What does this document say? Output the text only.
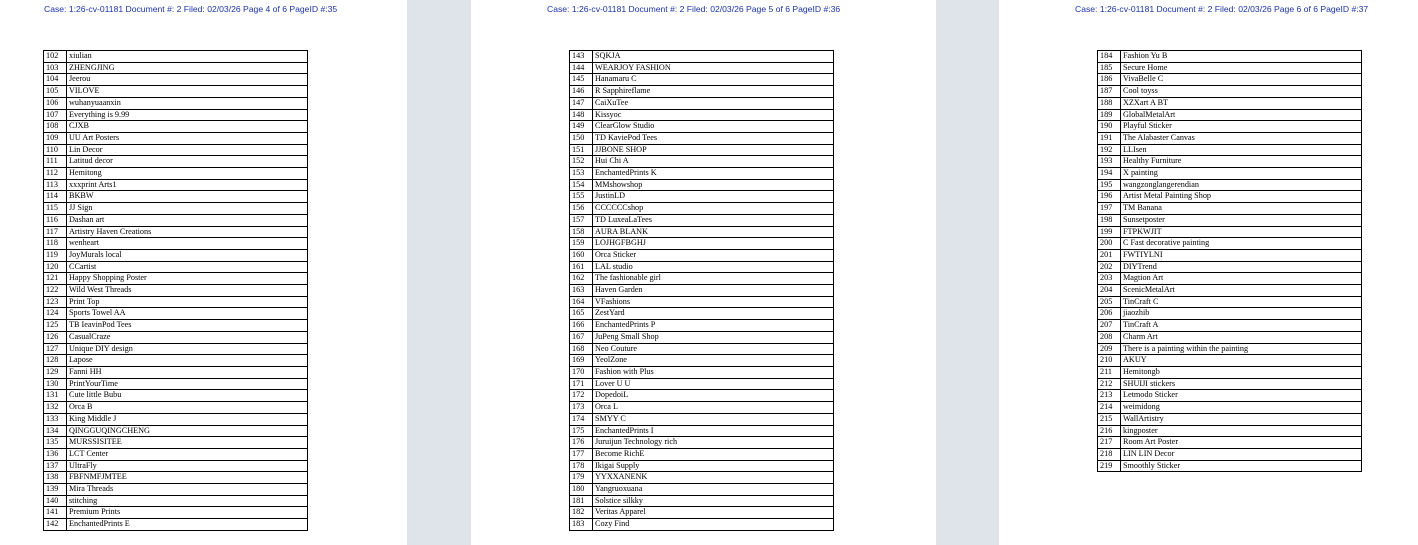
Case: 1:26-cv-01181 Document #: 2 Filed: 02/03/26 Page 4 of 6 PageID #:35
102	xiulian
103	ZHENGJING
104	Jeerou
105	VILOVE
106	wuhanyuaanxin
107	Everything is 9.99
108	CJXB
109	UU Art Posters
110	Lin Decor
111	Latitud decor
112	Hemitong
113	xxxprint Arts1
114	BKBW
115	JJ Sign
116	Dashan art
117	Artistry Haven Creations
118	wenheart
119	JoyMurals local
120	CCartist
121	Happy Shopping Poster
122	Wild West Threads
123	Print Top
124	Sports Towel AA
125	TB IeavinPod Tees
126	CasualCraze
127	Unique DIY design
128	Lapose
129	Fanni HH
130	PrintYourTime
131	Cute little Bubu
132	Orca B
133	King Middle J
134	QINGGUQINGCHENG
135	MURSSISITEE
136	LCT Center
137	UltraFly
138	FBFNMFJMTEE
139	Mira Threads
140	stitching
141	Premium Prints
142	EnchantedPrints E
Case: 1:26-cv-01181 Document #: 2 Filed: 02/03/26 Page 5 of 6 PageID #:36
143	SQKJA
144	WEARJOY FASHION
145	Hanamaru C
146	R Sapphireflame
147	CaiXuTee
148	Kissyoc
149	ClearGlow Studio
150	TD KaviePod Tees
151	JJBONE SHOP
152	Hui Chi A
153	EnchantedPrints K
154	MMshowshop
155	JustinLD
156	CCCCCCshop
157	TD LuxeaLaTees
158	AURA BLANK
159	LOJHGFBGHJ
160	Orca Sticker
161	LAL studio
162	The fashionable girl
163	Haven Garden
164	VFashions
165	ZestYard
166	EnchantedPrints P
167	JuPeng Small Shop
168	Neo Couture
169	YeolZone
170	Fashion with Plus
171	Lover U U
172	DopedoiL
173	Orca L
174	SMYY C
175	EnchantedPrints I
176	Juruijun Technology rich
177	Become RichE
178	Ikigai Supply
179	YYXXANENK
180	Yangruoxuana
181	Solstice silkky
182	Veritas Apparel
183	Cozy Find
Case: 1:26-cv-01181 Document #: 2 Filed: 02/03/26 Page 6 of 6 PageID #:37
184	Fashion Yu B
185	Secure Home
186	VivaBelle C
187	Cool toyss
188	XZXart A BT
189	GlobalMetalArt
190	Playful Sticker
191	The Alabaster Canvas
192	LLIsen
193	Healthy Furniture
194	X painting
195	wangzonglangerendian
196	Artist Metal Painting Shop
197	TM Banana
198	Sunsetposter
199	FTPKWJIT
200	C Fast decorative painting
201	FWTIYLNI
202	DIYTrend
203	Magtion Art
204	ScenicMetalArt
205	TinCraft C
206	jiaozhib
207	TinCraft A
208	Charm Art
209	There is a painting within the painting
210	AKUY
211	Hemitongb
212	SHUIJI stickers
213	Letmodo Sticker
214	weimidong
215	WallArtistry
216	kingposter
217	Room Art Poster
218	LIN LIN Decor
219	Smoothly Sticker
